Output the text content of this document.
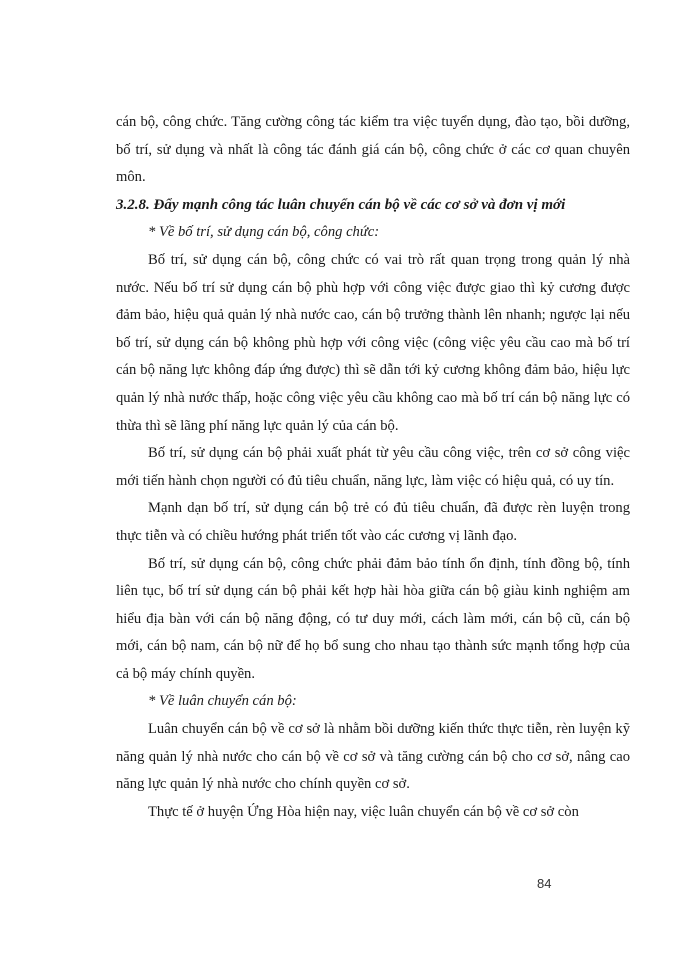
cán bộ, công chức. Tăng cường công tác kiểm tra việc tuyển dụng, đào tạo, bồi dưỡng, bố trí, sử dụng và nhất là công tác đánh giá cán bộ, công chức ở các cơ quan chuyên môn.

3.2.8. Đẩy mạnh công tác luân chuyển cán bộ về các cơ sở và đơn vị mới

* Về bố trí, sử dụng cán bộ, công chức:

Bố trí, sử dụng cán bộ, công chức có vai trò rất quan trọng trong quản lý nhà nước. Nếu bố trí sử dụng cán bộ phù hợp với công việc được giao thì kỷ cương được đảm bảo, hiệu quả quản lý nhà nước cao, cán bộ trưởng thành lên nhanh; ngược lại nếu bố trí, sử dụng cán bộ không phù hợp với công việc (công việc yêu cầu cao mà bố trí cán bộ năng lực không đáp ứng được) thì sẽ dẫn tới kỷ cương không đảm bảo, hiệu lực quản lý nhà nước thấp, hoặc công việc yêu cầu không cao mà bố trí cán bộ năng lực có thừa thì sẽ lãng phí năng lực quản lý của cán bộ.

Bố trí, sử dụng cán bộ phải xuất phát từ yêu cầu công việc, trên cơ sở công việc mới tiến hành chọn người có đủ tiêu chuẩn, năng lực, làm việc có hiệu quả, có uy tín.

Mạnh dạn bố trí, sử dụng cán bộ trẻ có đủ tiêu chuẩn, đã được rèn luyện trong thực tiễn và có chiều hướng phát triển tốt vào các cương vị lãnh đạo.

Bố trí, sử dụng cán bộ, công chức phải đảm bảo tính ổn định, tính đồng bộ, tính liên tục, bố trí sử dụng cán bộ phải kết hợp hài hòa giữa cán bộ giàu kinh nghiệm am hiểu địa bàn với cán bộ năng động, có tư duy mới, cách làm mới, cán bộ cũ, cán bộ mới, cán bộ nam, cán bộ nữ để họ bổ sung cho nhau tạo thành sức mạnh tổng hợp của cả bộ máy chính quyền.

* Về luân chuyển cán bộ:

Luân chuyển cán bộ về cơ sở là nhằm bồi dưỡng kiến thức thực tiễn, rèn luyện kỹ năng quản lý nhà nước cho cán bộ về cơ sở và tăng cường cán bộ cho cơ sở, nâng cao năng lực quản lý nhà nước cho chính quyền cơ sở.

Thực tế ở huyện Ứng Hòa hiện nay, việc luân chuyển cán bộ về cơ sở còn

84
